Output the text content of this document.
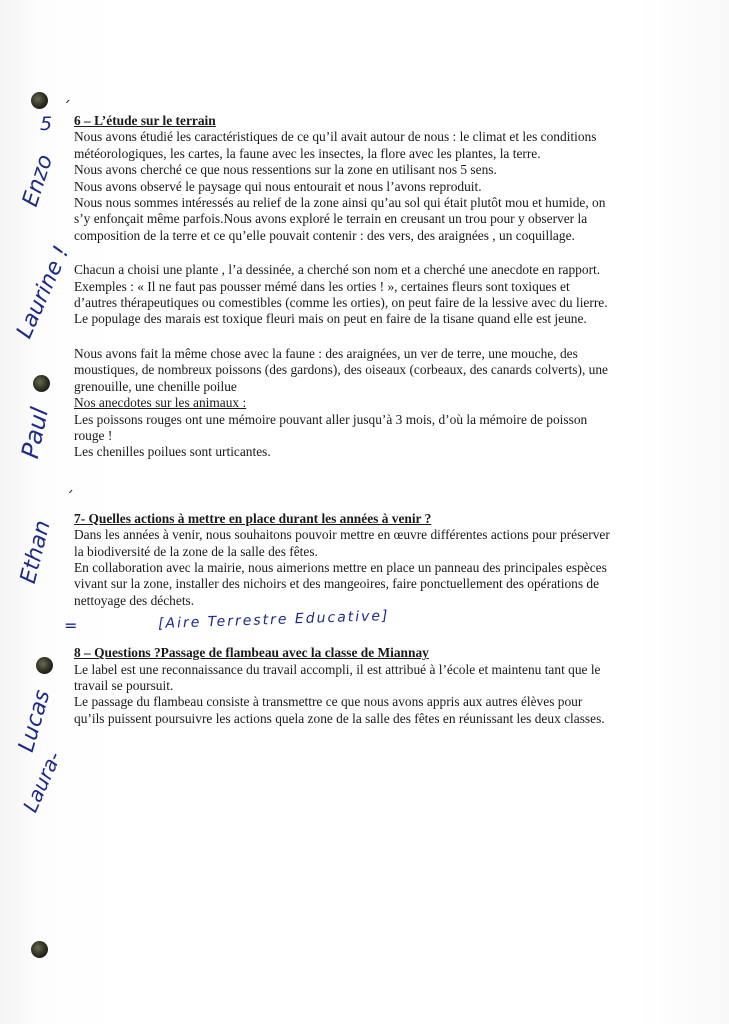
5
´
Enzo
Laurine !
Paul
´
Ethan
Lucas
Laura-
=	[Aire Terrestre Educative]

6 – L’étude sur le terrain

Nous avons étudié les caractéristiques de ce qu’il avait autour de nous : le climat et les conditions

météorologiques, les cartes, la faune avec les insectes, la flore avec les plantes, la terre.

Nous avons cherché ce que nous ressentions sur la zone en utilisant nos 5 sens.

Nous avons observé le paysage qui nous entourait et nous l’avons reproduit.

Nous nous sommes intéressés au relief de la zone ainsi qu’au sol qui était plutôt mou et humide, on

s’y enfonçait même parfois.Nous avons exploré le terrain en creusant un trou pour y observer la

composition de la terre et ce qu’elle pouvait contenir : des vers, des araignées , un coquillage.

Chacun a choisi une plante , l’a dessinée, a cherché son nom et a cherché une anecdote en rapport.

Exemples : « Il ne faut pas pousser mémé dans les orties ! », certaines fleurs sont toxiques et

d’autres thérapeutiques ou comestibles (comme les orties), on peut faire de la lessive avec du lierre.

Le populage des marais est toxique fleuri mais on peut en faire de la tisane quand elle est jeune.

Nous avons fait la même chose avec la faune : des araignées, un ver de terre, une mouche, des

moustiques, de nombreux poissons (des gardons), des oiseaux (corbeaux, des canards colverts), une

grenouille, une chenille poilue

Nos anecdotes sur les animaux :

Les poissons rouges ont une mémoire pouvant aller jusqu’à 3 mois, d’où la mémoire de poisson

rouge !

Les chenilles poilues sont urticantes.

7- Quelles actions à mettre en place durant les années à venir ?

Dans les années à venir, nous souhaitons pouvoir mettre en œuvre différentes actions pour préserver

la biodiversité de la zone de la salle des fêtes.

En collaboration avec la mairie, nous aimerions mettre en place un panneau des principales espèces

vivant sur la zone, installer des nichoirs et des mangeoires, faire ponctuellement des opérations de

nettoyage des déchets.

8 – Questions ?Passage de flambeau avec la classe de Miannay

Le label est une reconnaissance du travail accompli, il est attribué à l’école et maintenu tant que le

travail se poursuit.

Le passage du flambeau consiste à transmettre ce que nous avons appris aux autres élèves pour

qu’ils puissent poursuivre les actions quela zone de la salle des fêtes en réunissant les deux classes.
